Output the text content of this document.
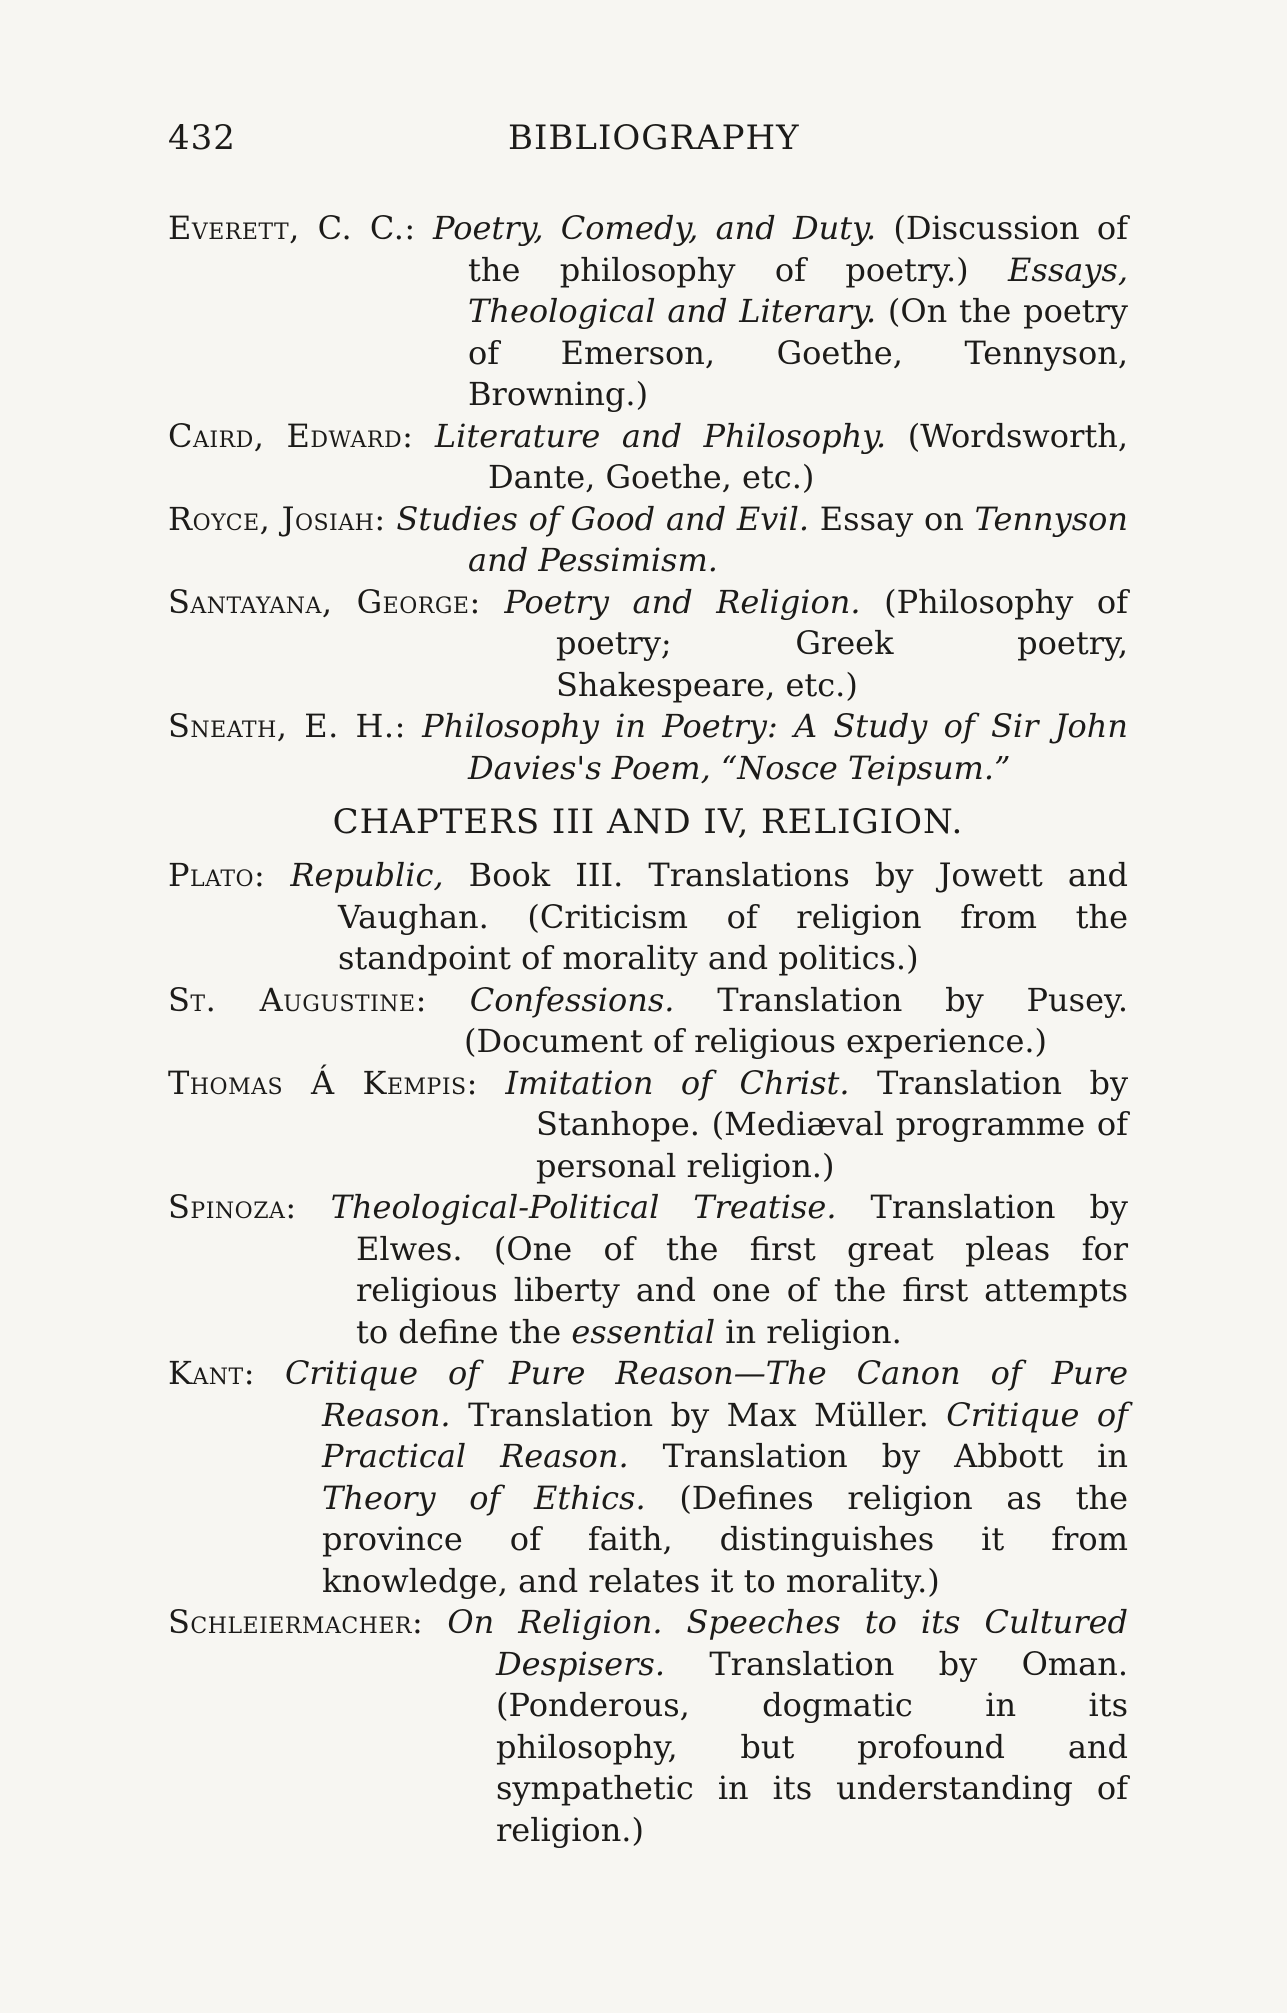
432	BIBLIOGRAPHY

Everett, C. C.: Poetry, Comedy, and Duty. (Discussion of the philosophy of poetry.) Essays, Theological and Literary. (On the poetry of Emerson, Goethe, Tennyson, Browning.)

Caird, Edward: Literature and Philosophy. (Wordsworth, Dante, Goethe, etc.)

Royce, Josiah: Studies of Good and Evil. Essay on Tennyson and Pessimism.

Santayana, George: Poetry and Religion. (Philosophy of poetry; Greek poetry, Shakespeare, etc.)

Sneath, E. H.: Philosophy in Poetry: A Study of Sir John Davies's Poem, “Nosce Teipsum.”

CHAPTERS III AND IV, RELIGION.

Plato: Republic, Book III. Translations by Jowett and Vaughan. (Criticism of religion from the standpoint of morality and politics.)

St. Augustine: Confessions. Translation by Pusey. (Document of religious experience.)

Thomas Á Kempis: Imitation of Christ. Translation by Stanhope. (Mediæval programme of personal religion.)

Spinoza: Theological-Political Treatise. Translation by Elwes. (One of the first great pleas for religious liberty and one of the first attempts to define the essential in religion.

Kant: Critique of Pure Reason—The Canon of Pure Reason. Translation by Max Müller. Critique of Practical Reason. Translation by Abbott in Theory of Ethics. (Defines religion as the province of faith, distinguishes it from knowledge, and relates it to morality.)

Schleiermacher: On Religion. Speeches to its Cultured Despisers. Translation by Oman. (Ponderous, dogmatic in its philosophy, but profound and sympathetic in its understanding of religion.)
